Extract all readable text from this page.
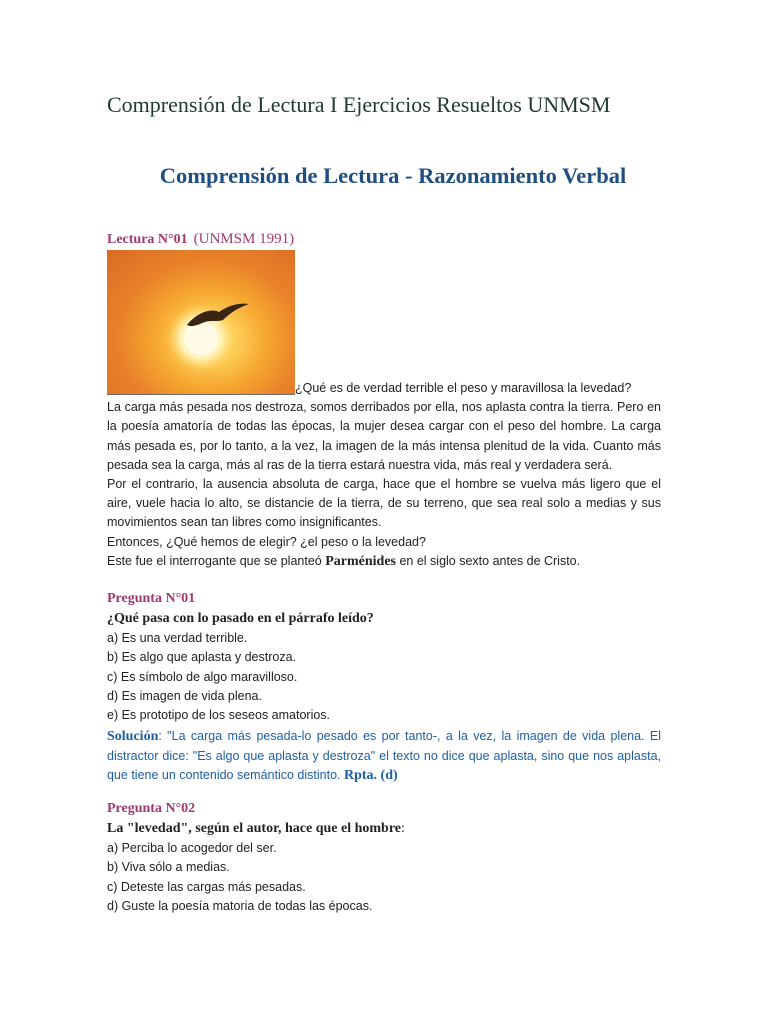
Comprensión de Lectura I Ejercicios Resueltos UNMSM
Comprensión de Lectura - Razonamiento Verbal
Lectura N°01 (UNMSM 1991)

¿Qué es de verdad terrible el peso y maravillosa la levedad?

La carga más pesada nos destroza, somos derribados por ella, nos aplasta contra la tierra. Pero en la poesía amatoría de todas las épocas, la mujer desea cargar con el peso del hombre. La carga más pesada es, por lo tanto, a la vez, la imagen de la más intensa plenitud de la vida. Cuanto más pesada sea la carga, más al ras de la tierra estará nuestra vida, más real y verdadera será.

Por el contrario, la ausencia absoluta de carga, hace que el hombre se vuelva más ligero que el aire, vuele hacia lo alto, se distancie de la tierra, de su terreno, que sea real solo a medias y sus movimientos sean tan libres como insignificantes.

Entonces, ¿Qué hemos de elegir? ¿el peso o la levedad?

Este fue el interrogante que se planteó Parménides en el siglo sexto antes de Cristo.

Pregunta N°01
¿Qué pasa con lo pasado en el párrafo leído?
a) Es una verdad terrible.
b) Es algo que aplasta y destroza.
c) Es símbolo de algo maravilloso.
d) Es imagen de vida plena.
e) Es prototipo de los seseos amatorios.
Solución: "La carga más pesada-lo pesado es por tanto-, a la vez, la imagen de vida plena. El distractor dice: "Es algo que aplasta y destroza" el texto no dice que aplasta, sino que nos aplasta, que tiene un contenido semántico distinto. Rpta. (d)
Pregunta N°02
La "levedad", según el autor, hace que el hombre:
a) Perciba lo acogedor del ser.
b) Viva sólo a medias.
c) Deteste las cargas más pesadas.
d) Guste la poesía matoria de todas las épocas.
